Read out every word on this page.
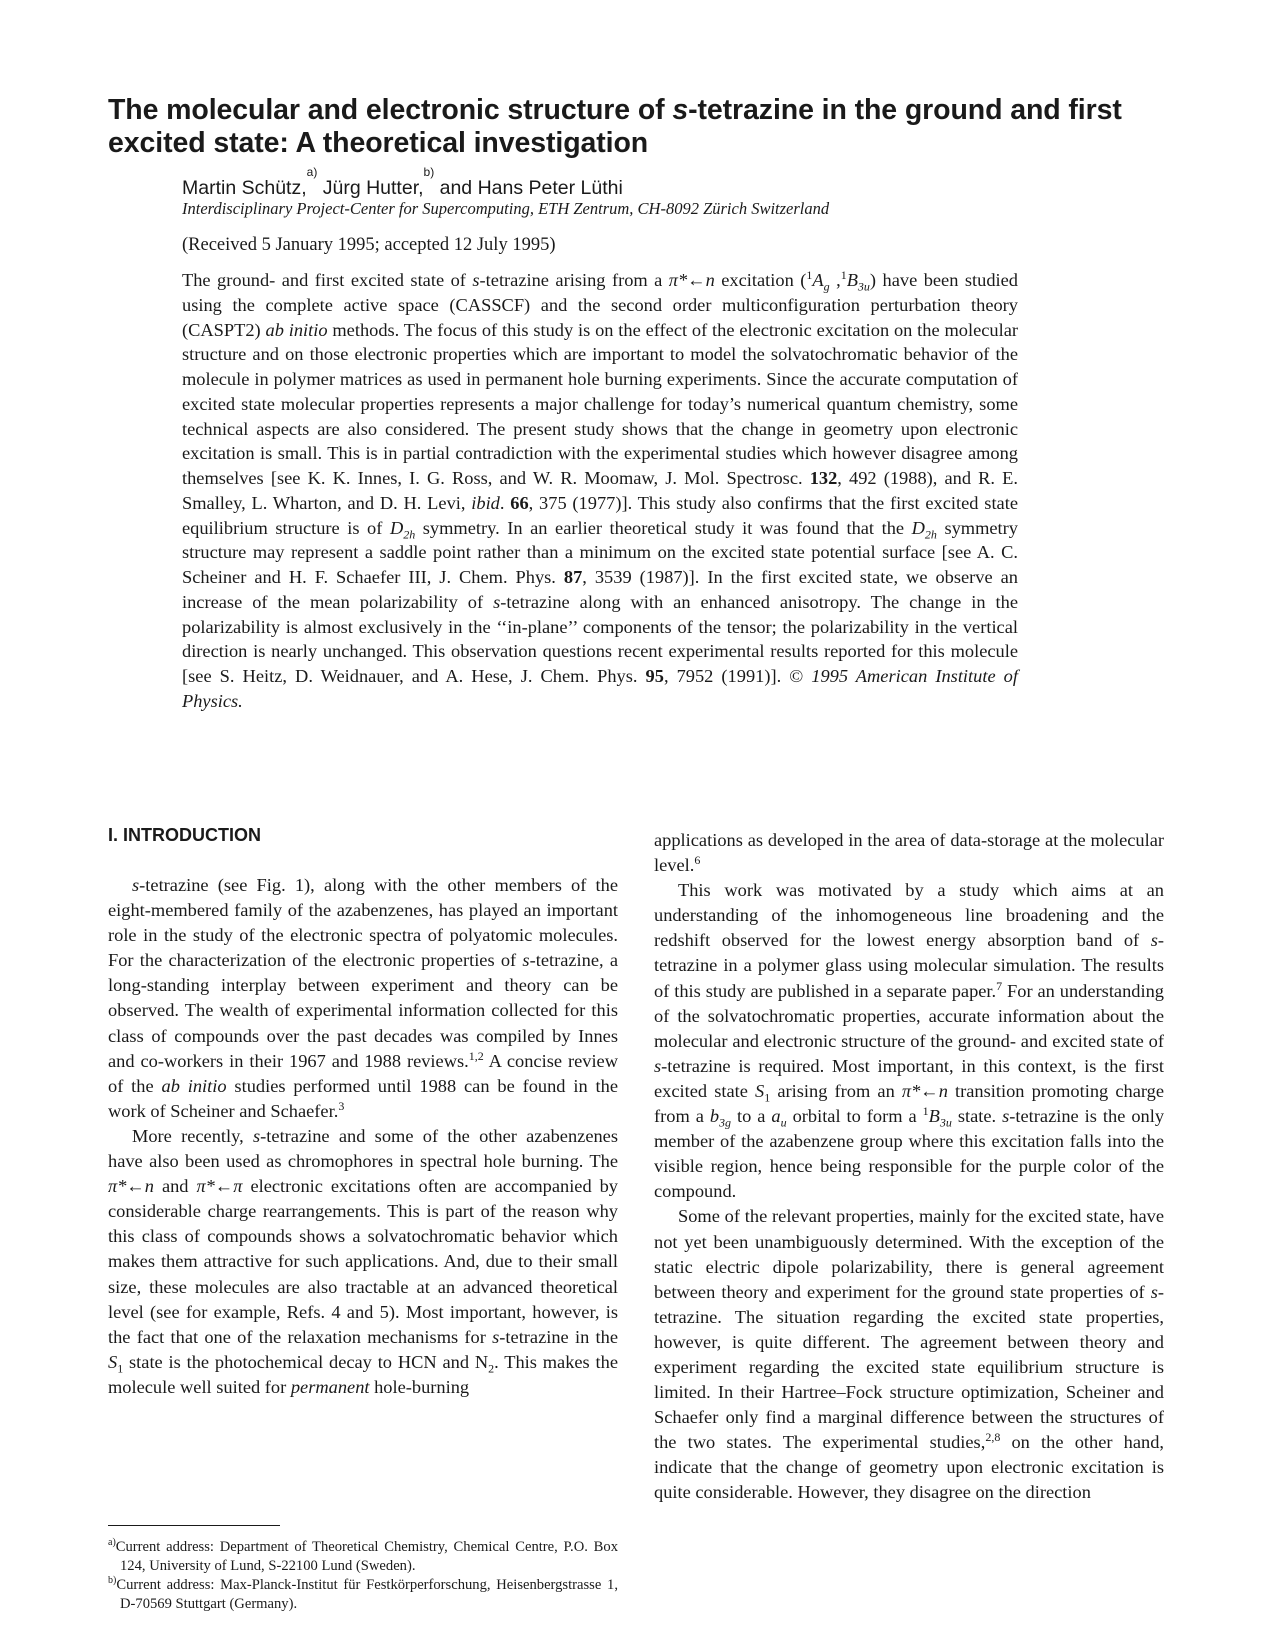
The molecular and electronic structure of s-tetrazine in the ground and first excited state: A theoretical investigation
Martin Schütz,$^{a)}$ Jürg Hutter,$^{b)}$ and Hans Peter Lüthi
Interdisciplinary Project-Center for Supercomputing, ETH Zentrum, CH-8092 Zürich Switzerland
(Received 5 January 1995; accepted 12 July 1995)

The ground- and first excited state of s-tetrazine arising from a π*←n excitation ($^1A_g$ $,^1B_{3u}$) have been studied using the complete active space (CASSCF) and the second order multiconfiguration perturbation theory (CASPT2) ab initio methods. The focus of this study is on the effect of the electronic excitation on the molecular structure and on those electronic properties which are important to model the solvatochromatic behavior of the molecule in polymer matrices as used in permanent hole burning experiments. Since the accurate computation of excited state molecular properties represents a major challenge for today’s numerical quantum chemistry, some technical aspects are also considered. The present study shows that the change in geometry upon electronic excitation is small. This is in partial contradiction with the experimental studies which however disagree among themselves [see K. K. Innes, I. G. Ross, and W. R. Moomaw, J. Mol. Spectrosc. 132, 492 (1988), and R. E. Smalley, L. Wharton, and D. H. Levi, ibid. 66, 375 (1977)]. This study also confirms that the first excited state equilibrium structure is of $D_{2h}$ symmetry. In an earlier theoretical study it was found that the $D_{2h}$ symmetry structure may represent a saddle point rather than a minimum on the excited state potential surface [see A. C. Scheiner and H. F. Schaefer III, J. Chem. Phys. 87, 3539 (1987)]. In the first excited state, we observe an increase of the mean polarizability of s-tetrazine along with an enhanced anisotropy. The change in the polarizability is almost exclusively in the ‘‘in-plane’’ components of the tensor; the polarizability in the vertical direction is nearly unchanged. This observation questions recent experimental results reported for this molecule [see S. Heitz, D. Weidnauer, and A. Hese, J. Chem. Phys. 95, 7952 (1991)]. © 1995 American Institute of Physics.

I. INTRODUCTION

s-tetrazine (see Fig. 1), along with the other members of the eight-membered family of the azabenzenes, has played an important role in the study of the electronic spectra of polyatomic molecules. For the characterization of the electronic properties of s-tetrazine, a long-standing interplay between experiment and theory can be observed. The wealth of experimental information collected for this class of compounds over the past decades was compiled by Innes and co-workers in their 1967 and 1988 reviews.$^{1,2}$ A concise review of the ab initio studies performed until 1988 can be found in the work of Scheiner and Schaefer.$^3$

More recently, s-tetrazine and some of the other azabenzenes have also been used as chromophores in spectral hole burning. The π*←n and π*←π electronic excitations often are accompanied by considerable charge rearrangements. This is part of the reason why this class of compounds shows a solvatochromatic behavior which makes them attractive for such applications. And, due to their small size, these molecules are also tractable at an advanced theoretical level (see for example, Refs. 4 and 5). Most important, however, is the fact that one of the relaxation mechanisms for s-tetrazine in the $S_1$ state is the photochemical decay to HCN and $N_2$. This makes the molecule well suited for permanent hole-burning

applications as developed in the area of data-storage at the molecular level.$^6$

This work was motivated by a study which aims at an understanding of the inhomogeneous line broadening and the redshift observed for the lowest energy absorption band of s-tetrazine in a polymer glass using molecular simulation. The results of this study are published in a separate paper.$^7$ For an understanding of the solvatochromatic properties, accurate information about the molecular and electronic structure of the ground- and excited state of s-tetrazine is required. Most important, in this context, is the first excited state $S_1$ arising from an π*←n transition promoting charge from a $b_{3g}$ to a $a_u$ orbital to form a $^1B_{3u}$ state. s-tetrazine is the only member of the azabenzene group where this excitation falls into the visible region, hence being responsible for the purple color of the compound.

Some of the relevant properties, mainly for the excited state, have not yet been unambiguously determined. With the exception of the static electric dipole polarizability, there is general agreement between theory and experiment for the ground state properties of s-tetrazine. The situation regarding the excited state properties, however, is quite different. The agreement between theory and experiment regarding the excited state equilibrium structure is limited. In their Hartree–Fock structure optimization, Scheiner and Schaefer only find a marginal difference between the structures of the two states. The experimental studies,$^{2,8}$ on the other hand, indicate that the change of geometry upon electronic excitation is quite considerable. However, they disagree on the direction

$^{a)}$Current address: Department of Theoretical Chemistry, Chemical Centre, P.O. Box 124, University of Lund, S-22100 Lund (Sweden).
$^{b)}$Current address: Max-Planck-Institut für Festkörperforschung, Heisenbergstrasse 1, D-70569 Stuttgart (Germany).
